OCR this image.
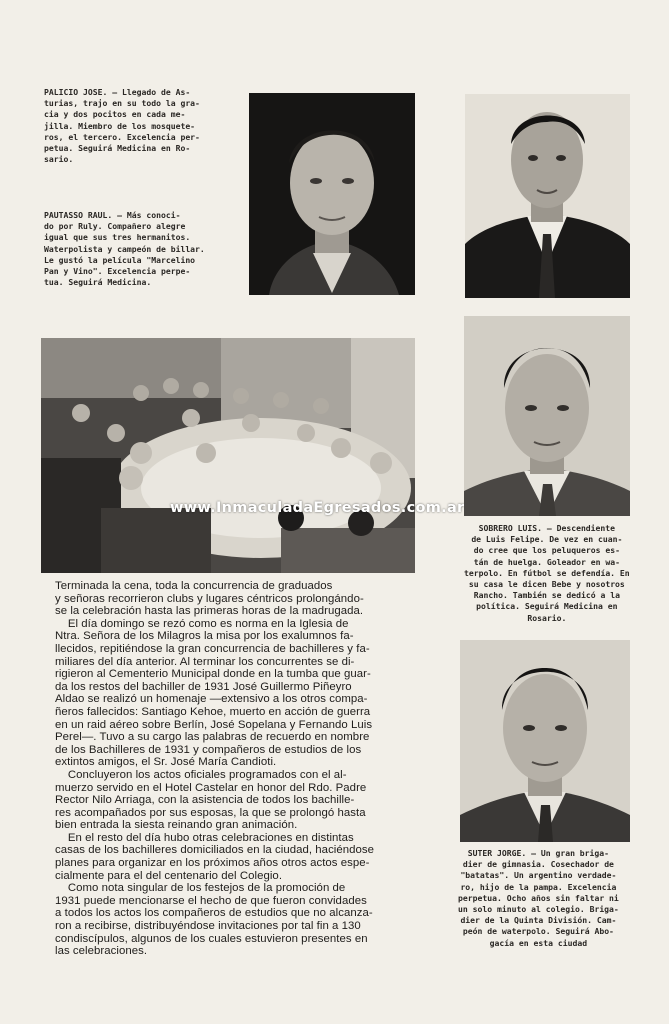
PALICIO JOSE. — Llegado de As-
turias, trajo en su todo la gra-
cia y dos pocitos en cada me-
jilla. Miembro de los mosquete-
ros, el tercero. Excelencia per-
petua. Seguirá Medicina en Ro-
sario.
PAUTASSO RAUL. — Más conoci-
do por Ruly. Compañero alegre
igual que sus tres hermanitos.
Waterpolista y campeón de billar.
Le gustó la película "Marcelino
Pan y Vino". Excelencia perpe-
tua. Seguirá Medicina.
www.InmaculadaEgresados.com.ar
SOBRERO LUIS. — Descendiente
de Luis Felipe. De vez en cuan-
do cree que los peluqueros es-
tán de huelga. Goleador en wa-
terpolo. En fútbol se defendía. En
su casa le dicen Bebe y nosotros
Rancho. También se dedicó a la
política. Seguirá Medicina en
Rosario.
SUTER JORGE. — Un gran briga-
dier de gimnasia. Cosechador de
"batatas". Un argentino verdade-
ro, hijo de la pampa. Excelencia
perpetua. Ocho años sin faltar ni
un solo minuto al colegio. Briga-
dier de la Quinta División. Cam-
peón de waterpolo. Seguirá Abo-
gacía en esta ciudad
Terminada la cena, toda la concurrencia de graduados
y señoras recorrieron clubs y lugares céntricos prolongándo-
se la celebración hasta las primeras horas de la madrugada.
El día domingo se rezó como es norma en la Iglesia de
Ntra. Señora de los Milagros la misa por los exalumnos fa-
llecidos, repitiéndose la gran concurrencia de bachilleres y fa-
miliares del día anterior. Al terminar los concurrentes se di-
rigieron al Cementerio Municipal donde en la tumba que guar-
da los restos del bachiller de 1931 José Guillermo Piñeyro
Aldao se realizó un homenaje —extensivo a los otros compa-
ñeros fallecidos: Santiago Kehoe, muerto en acción de guerra
en un raid aéreo sobre Berlín, José Sopelana y Fernando Luis
Perel—. Tuvo a su cargo las palabras de recuerdo en nombre
de los Bachilleres de 1931 y compañeros de estudios de los
extintos amigos, el Sr. José María Candioti.
Concluyeron los actos oficiales programados con el al-
muerzo servido en el Hotel Castelar en honor del Rdo. Padre
Rector Nilo Arriaga, con la asistencia de todos los bachille-
res acompañados por sus esposas, la que se prolongó hasta
bien entrada la siesta reinando gran animación.
En el resto del día hubo otras celebraciones en distintas
casas de los bachilleres domiciliados en la ciudad, haciéndose
planes para organizar en los próximos años otros actos espe-
cialmente para el del centenario del Colegio.
Como nota singular de los festejos de la promoción de
1931 puede mencionarse el hecho de que fueron convidades
a todos los actos los compañeros de estudios que no alcanza-
ron a recibirse, distribuyéndose invitaciones por tal fin a 130
condiscípulos, algunos de los cuales estuvieron presentes en
las celebraciones.
